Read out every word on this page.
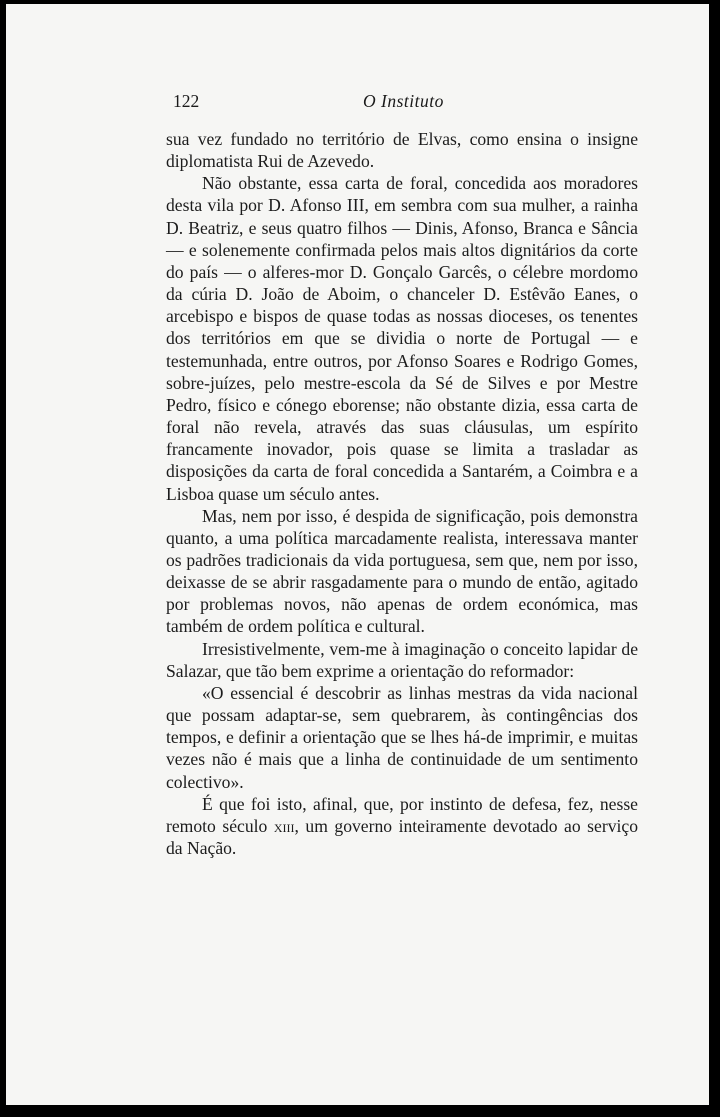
122	O Instituto

sua vez fundado no território de Elvas, como ensina o insigne diplomatista Rui de Azevedo.

Não obstante, essa carta de foral, concedida aos moradores desta vila por D. Afonso III, em sembra com sua mulher, a rainha D. Beatriz, e seus quatro filhos — Dinis, Afonso, Branca e Sância — e solenemente confirmada pelos mais altos dignitários da corte do país — o alferes-mor D. Gonçalo Garcês, o célebre mordomo da cúria D. João de Aboim, o chanceler D. Estêvão Eanes, o arcebispo e bispos de quase todas as nossas dioceses, os tenentes dos territórios em que se dividia o norte de Portugal — e testemunhada, entre outros, por Afonso Soares e Rodrigo Gomes, sobre-juízes, pelo mestre-escola da Sé de Silves e por Mestre Pedro, físico e cónego eborense; não obstante dizia, essa carta de foral não revela, através das suas cláusulas, um espírito francamente inovador, pois quase se limita a trasladar as disposições da carta de foral concedida a Santarém, a Coimbra e a Lisboa quase um século antes.

Mas, nem por isso, é despida de significação, pois demonstra quanto, a uma política marcadamente realista, interessava manter os padrões tradicionais da vida portuguesa, sem que, nem por isso, deixasse de se abrir rasgadamente para o mundo de então, agitado por problemas novos, não apenas de ordem económica, mas também de ordem política e cultural.

Irresistivelmente, vem-me à imaginação o conceito lapidar de Salazar, que tão bem exprime a orientação do reformador:

«O essencial é descobrir as linhas mestras da vida nacional que possam adaptar-se, sem quebrarem, às contingências dos tempos, e definir a orientação que se lhes há-de imprimir, e muitas vezes não é mais que a linha de continuidade de um sentimento colectivo».

É que foi isto, afinal, que, por instinto de defesa, fez, nesse remoto século xiii, um governo inteiramente devotado ao serviço da Nação.
